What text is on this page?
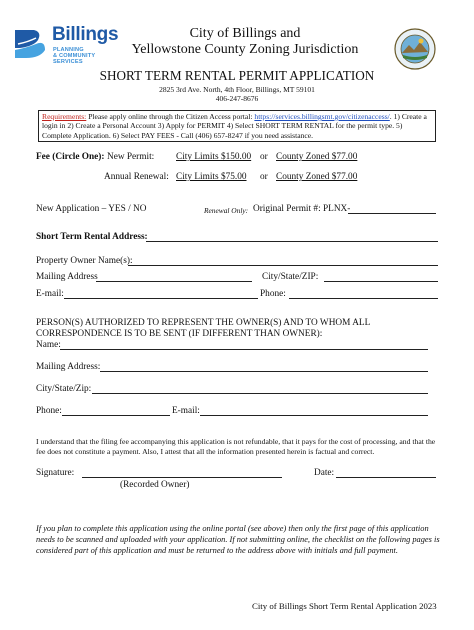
Billings
PLANNING
& COMMUNITY
SERVICES
City of Billings and
Yellowstone County Zoning Jurisdiction
SHORT TERM RENTAL PERMIT APPLICATION
2825 3rd Ave. North, 4th Floor, Billings, MT 59101
406-247-8676
Requirements: Please apply online through the Citizen Access portal: https://services.billingsmt.gov/citizenaccess/. 1) Create a login in 2) Create a Personal Account 3) Apply for PERMIT 4) Select SHORT TERM RENTAL for the permit type. 5) Complete Application. 6) Select PAY FEES - Call (406) 657-8247 if you need assistance.
Fee (Circle One): New Permit: City Limits $150.00 or County Zoned $77.00
Annual Renewal: City Limits $75.00 or County Zoned $77.00
New Application – YES / NO	Renewal Only: Original Permit #: PLNX-
Short Term Rental Address:
Property Owner Name(s):
Mailing Address	City/State/ZIP:
E-mail:	Phone:
PERSON(S) AUTHORIZED TO REPRESENT THE OWNER(S) AND TO WHOM ALL
CORRESPONDENCE IS TO BE SENT (IF DIFFERENT THAN OWNER):
Name:
Mailing Address:
City/State/Zip:
Phone:	E-mail:
I understand that the filing fee accompanying this application is not refundable, that it pays for the cost of processing, and that the fee does not constitute a payment. Also, I attest that all the information presented herein is factual and correct.
Signature:	Date:
(Recorded Owner)
If you plan to complete this application using the online portal (see above) then only the first page of this application needs to be scanned and uploaded with your application. If not submitting online, the checklist on the following pages is considered part of this application and must be returned to the address above with initials and full payment.
City of Billings Short Term Rental Application 2023
